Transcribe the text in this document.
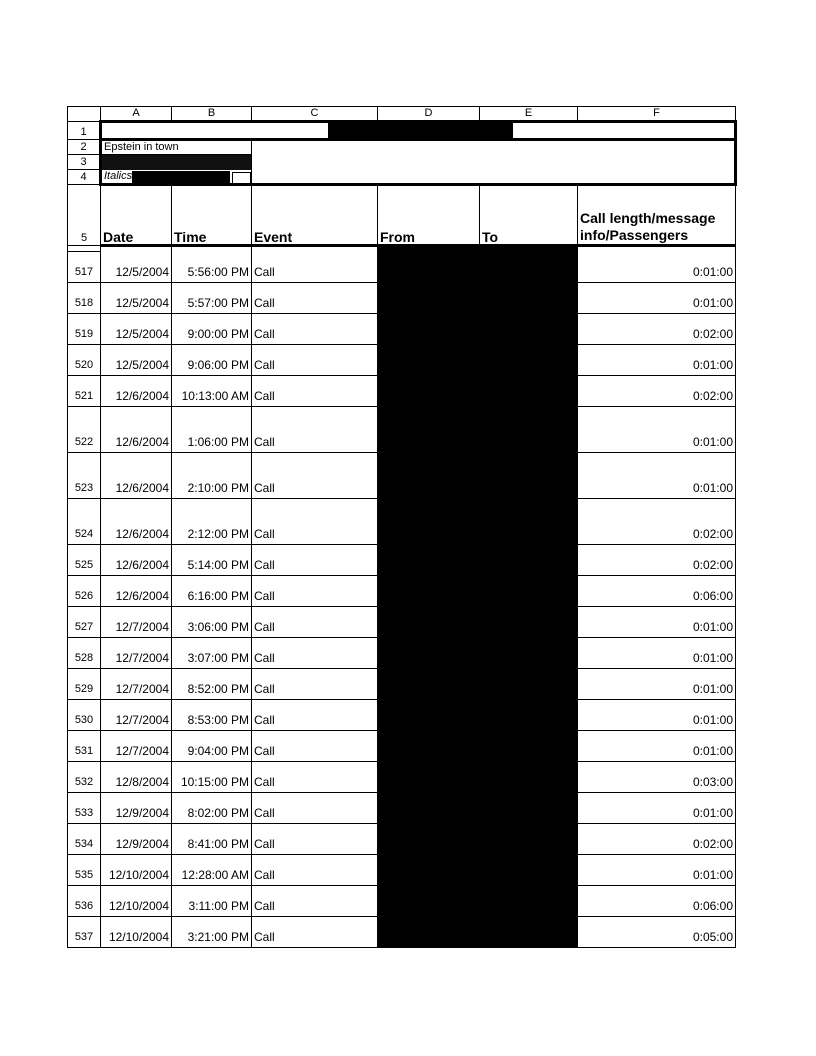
	A	B	C	D	E	F
1				

2	Epstein in town					
3						
4	Italics					

5	Date	Time	Event	From	To	Call length/message info/Passengers

517	12/5/2004	5:56:00 PM	Call			0:01:00
518	12/5/2004	5:57:00 PM	Call			0:01:00
519	12/5/2004	9:00:00 PM	Call			0:02:00
520	12/5/2004	9:06:00 PM	Call			0:01:00
521	12/6/2004	10:13:00 AM	Call			0:02:00
522	12/6/2004	1:06:00 PM	Call			0:01:00
523	12/6/2004	2:10:00 PM	Call			0:01:00
524	12/6/2004	2:12:00 PM	Call			0:02:00
525	12/6/2004	5:14:00 PM	Call			0:02:00
526	12/6/2004	6:16:00 PM	Call			0:06:00
527	12/7/2004	3:06:00 PM	Call			0:01:00
528	12/7/2004	3:07:00 PM	Call			0:01:00
529	12/7/2004	8:52:00 PM	Call			0:01:00
530	12/7/2004	8:53:00 PM	Call			0:01:00
531	12/7/2004	9:04:00 PM	Call			0:01:00
532	12/8/2004	10:15:00 PM	Call			0:03:00
533	12/9/2004	8:02:00 PM	Call			0:01:00
534	12/9/2004	8:41:00 PM	Call			0:02:00
535	12/10/2004	12:28:00 AM	Call			0:01:00
536	12/10/2004	3:11:00 PM	Call			0:06:00
537	12/10/2004	3:21:00 PM	Call			0:05:00
